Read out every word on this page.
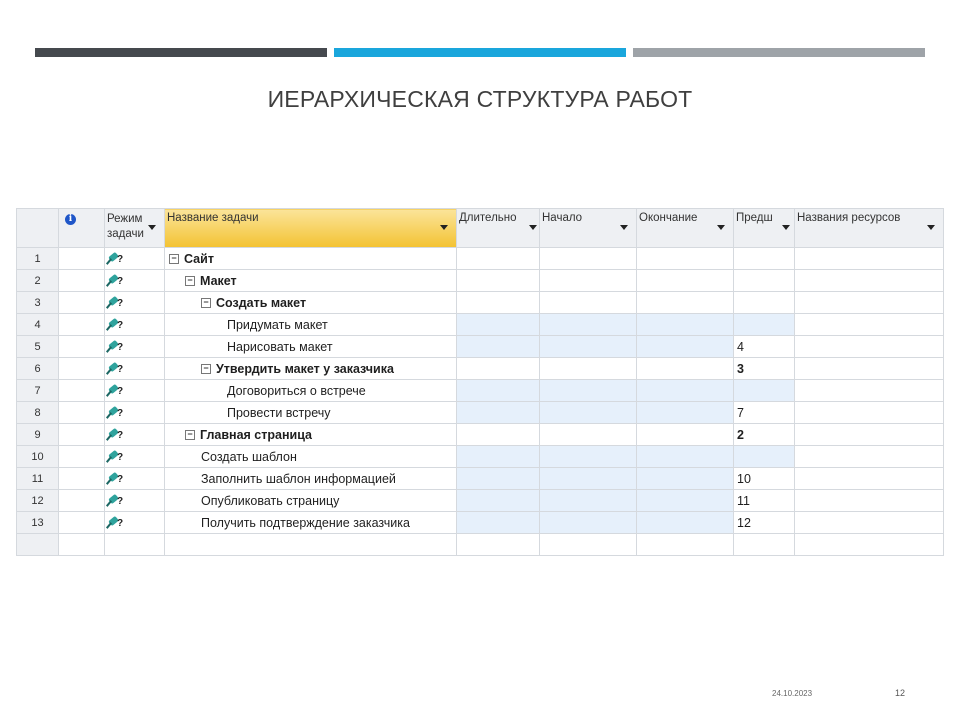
ИЕРАРХИЧЕСКАЯ СТРУКТУРА РАБОТ
	i	Режим задачи	Название задачи	Длительно	Начало	Окончание	Предш	Названия ресурсов

1		?	− Сайт					
2		?	− Макет					
3		?	− Создать макет					
4		?	Придумать макет					
5		?	Нарисовать макет				4	
6		?	− Утвердить макет у заказчика				3	
7		?	Договориться о встрече					
8		?	Провести встречу				7	
9		?	− Главная страница				2	
10		?	Создать шаблон					
11		?	Заполнить шаблон информацией				10	
12		?	Опубликовать страницу				11	
13		?	Получить подтверждение заказчика				12	

24.10.2023	12
